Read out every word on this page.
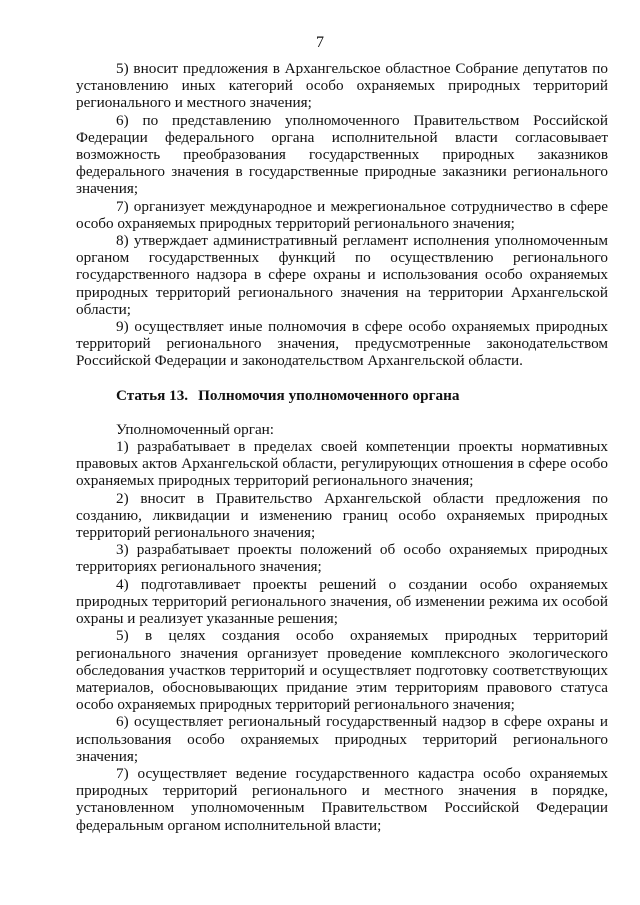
7

5) вносит предложения в Архангельское областное Собрание депутатов по установлению иных категорий особо охраняемых природных территорий регионального и местного значения;

6) по представлению уполномоченного Правительством Российской Федерации федерального органа исполнительной власти согласовывает возможность преобразования государственных природных заказников федерального значения в государственные природные заказники регионального значения;

7) организует международное и межрегиональное сотрудничество в сфере особо охраняемых природных территорий регионального значения;

8) утверждает административный регламент исполнения уполномоченным органом государственных функций по осуществлению регионального государственного надзора в сфере охраны и использования особо охраняемых природных территорий регионального значения на территории Архангельской области;

9) осуществляет иные полномочия в сфере особо охраняемых природных территорий регионального значения, предусмотренные законодательством Российской Федерации и законодательством Архангельской области.

Статья 13. Полномочия уполномоченного органа

Уполномоченный орган:

1) разрабатывает в пределах своей компетенции проекты нормативных правовых актов Архангельской области, регулирующих отношения в сфере особо охраняемых природных территорий регионального значения;

2) вносит в Правительство Архангельской области предложения по созданию, ликвидации и изменению границ особо охраняемых природных территорий регионального значения;

3) разрабатывает проекты положений об особо охраняемых природных территориях регионального значения;

4) подготавливает проекты решений о создании особо охраняемых природных территорий регионального значения, об изменении режима их особой охраны и реализует указанные решения;

5) в целях создания особо охраняемых природных территорий регионального значения организует проведение комплексного экологического обследования участков территорий и осуществляет подготовку соответствующих материалов, обосновывающих придание этим территориям правового статуса особо охраняемых природных территорий регионального значения;

6) осуществляет региональный государственный надзор в сфере охраны и использования особо охраняемых природных территорий регионального значения;

7) осуществляет ведение государственного кадастра особо охраняемых природных территорий регионального и местного значения в порядке, установленном уполномоченным Правительством Российской Федерации федеральным органом исполнительной власти;
